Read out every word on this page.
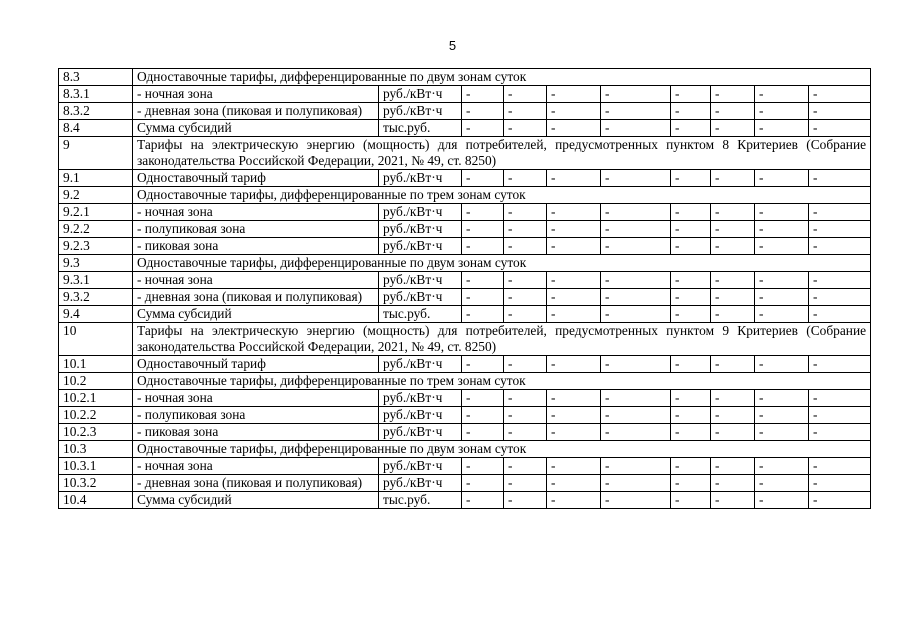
5
8.3	Одноставочные тарифы, дифференцированные по двум зонам суток									
8.3.1	- ночная зона	руб./кВт·ч	-	-	-	-	-	-	-	-
8.3.2	- дневная зона (пиковая и полупиковая)	руб./кВт·ч	-	-	-	-	-	-	-	-
8.4	Сумма субсидий	тыс.руб.	-	-	-	-	-	-	-	-
9	Тарифы на электрическую энергию (мощность) для потребителей, предусмотренных пунктом 8 Критериев (Собрание законодательства Российской Федерации, 2021, № 49, ст. 8250)									
9.1	Одноставочный тариф	руб./кВт·ч	-	-	-	-	-	-	-	-
9.2	Одноставочные тарифы, дифференцированные по трем зонам суток									
9.2.1	- ночная зона	руб./кВт·ч	-	-	-	-	-	-	-	-
9.2.2	- полупиковая зона	руб./кВт·ч	-	-	-	-	-	-	-	-
9.2.3	- пиковая зона	руб./кВт·ч	-	-	-	-	-	-	-	-
9.3	Одноставочные тарифы, дифференцированные по двум зонам суток									
9.3.1	- ночная зона	руб./кВт·ч	-	-	-	-	-	-	-	-
9.3.2	- дневная зона (пиковая и полупиковая)	руб./кВт·ч	-	-	-	-	-	-	-	-
9.4	Сумма субсидий	тыс.руб.	-	-	-	-	-	-	-	-
10	Тарифы на электрическую энергию (мощность) для потребителей, предусмотренных пунктом 9 Критериев (Собрание законодательства Российской Федерации, 2021, № 49, ст. 8250)									
10.1	Одноставочный тариф	руб./кВт·ч	-	-	-	-	-	-	-	-
10.2	Одноставочные тарифы, дифференцированные по трем зонам суток									
10.2.1	- ночная зона	руб./кВт·ч	-	-	-	-	-	-	-	-
10.2.2	- полупиковая зона	руб./кВт·ч	-	-	-	-	-	-	-	-
10.2.3	- пиковая зона	руб./кВт·ч	-	-	-	-	-	-	-	-
10.3	Одноставочные тарифы, дифференцированные по двум зонам суток									
10.3.1	- ночная зона	руб./кВт·ч	-	-	-	-	-	-	-	-
10.3.2	- дневная зона (пиковая и полупиковая)	руб./кВт·ч	-	-	-	-	-	-	-	-
10.4	Сумма субсидий	тыс.руб.	-	-	-	-	-	-	-	-
